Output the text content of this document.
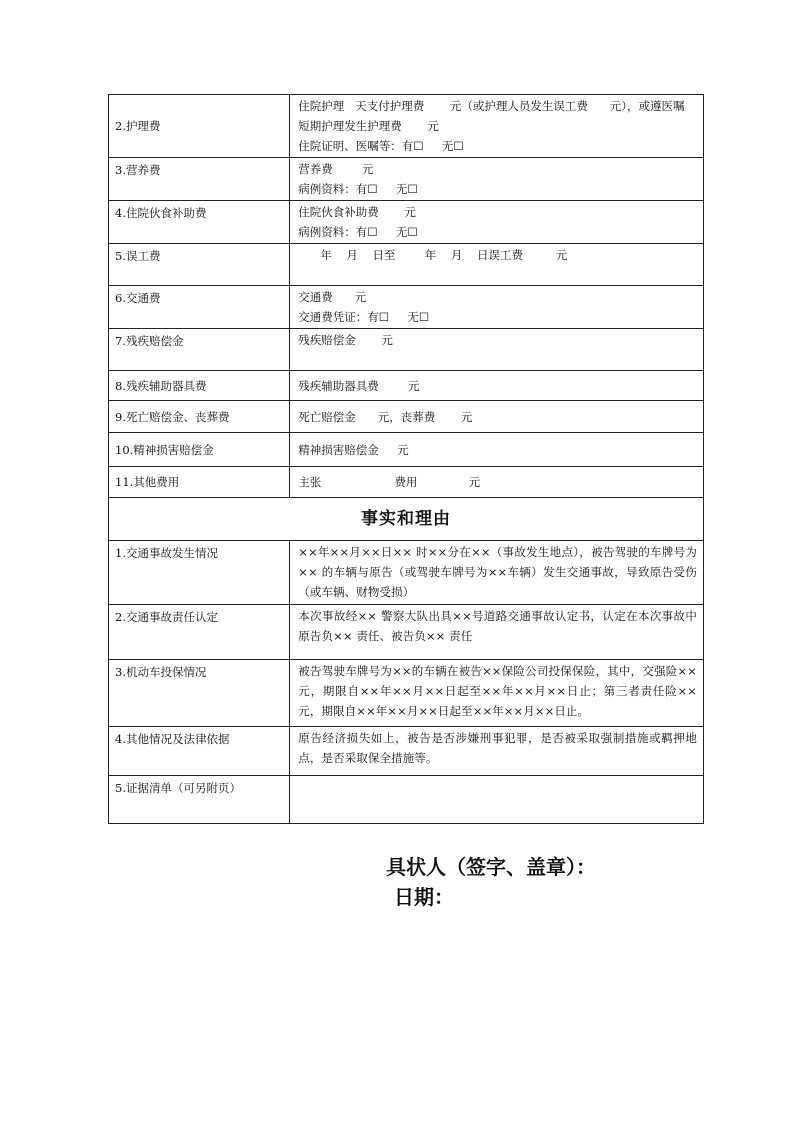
2.护理费	住院护理   天支付护理费       元（或护理人员发生误工费      元），或遵医嘱
短期护理发生护理费       元
住院证明、医嘱等：有☐     无☐

3.营养费	营养费        元
病例资料：有☐     无☐

4.住院伙食补助费	住院伙食补助费       元
病例资料：有☐     无☐

5.误工费	年    月    日至        年    月    日误工费         元

6.交通费	交通费      元
交通费凭证：有☐     无☐

7.残疾赔偿金	残疾赔偿金       元

8.残疾辅助器具费	残疾辅助器具费        元

9.死亡赔偿金、丧葬费	死亡赔偿金      元，丧葬费       元

10.精神损害赔偿金	精神损害赔偿金     元

11.其他费用	主张                    费用              元

事实和理由	
1.交通事故发生情况	××年××月××日×× 时××分在××（事故发生地点），被告驾驶的车牌号为×× 的车辆与原告（或驾驶车牌号为××车辆）发生交通事故，导致原告受伤（或车辆、财物受损）

2.交通事故责任认定	本次事故经×× 警察大队出具××号道路交通事故认定书，认定在本次事故中原告负×× 责任、被告负×× 责任

3.机动车投保情况	被告驾驶车牌号为××的车辆在被告××保险公司投保保险，其中，交强险××元，期限自××年××月××日起至××年××月××日止；第三者责任险××元，期限自××年××月××日起至××年××月××日止。

4.其他情况及法律依据	原告经济损失如上，被告是否涉嫌刑事犯罪，是否被采取强制措施或羁押地点，是否采取保全措施等。

5.证据清单（可另附页）	
具状人（签字、盖章）：
日期：
